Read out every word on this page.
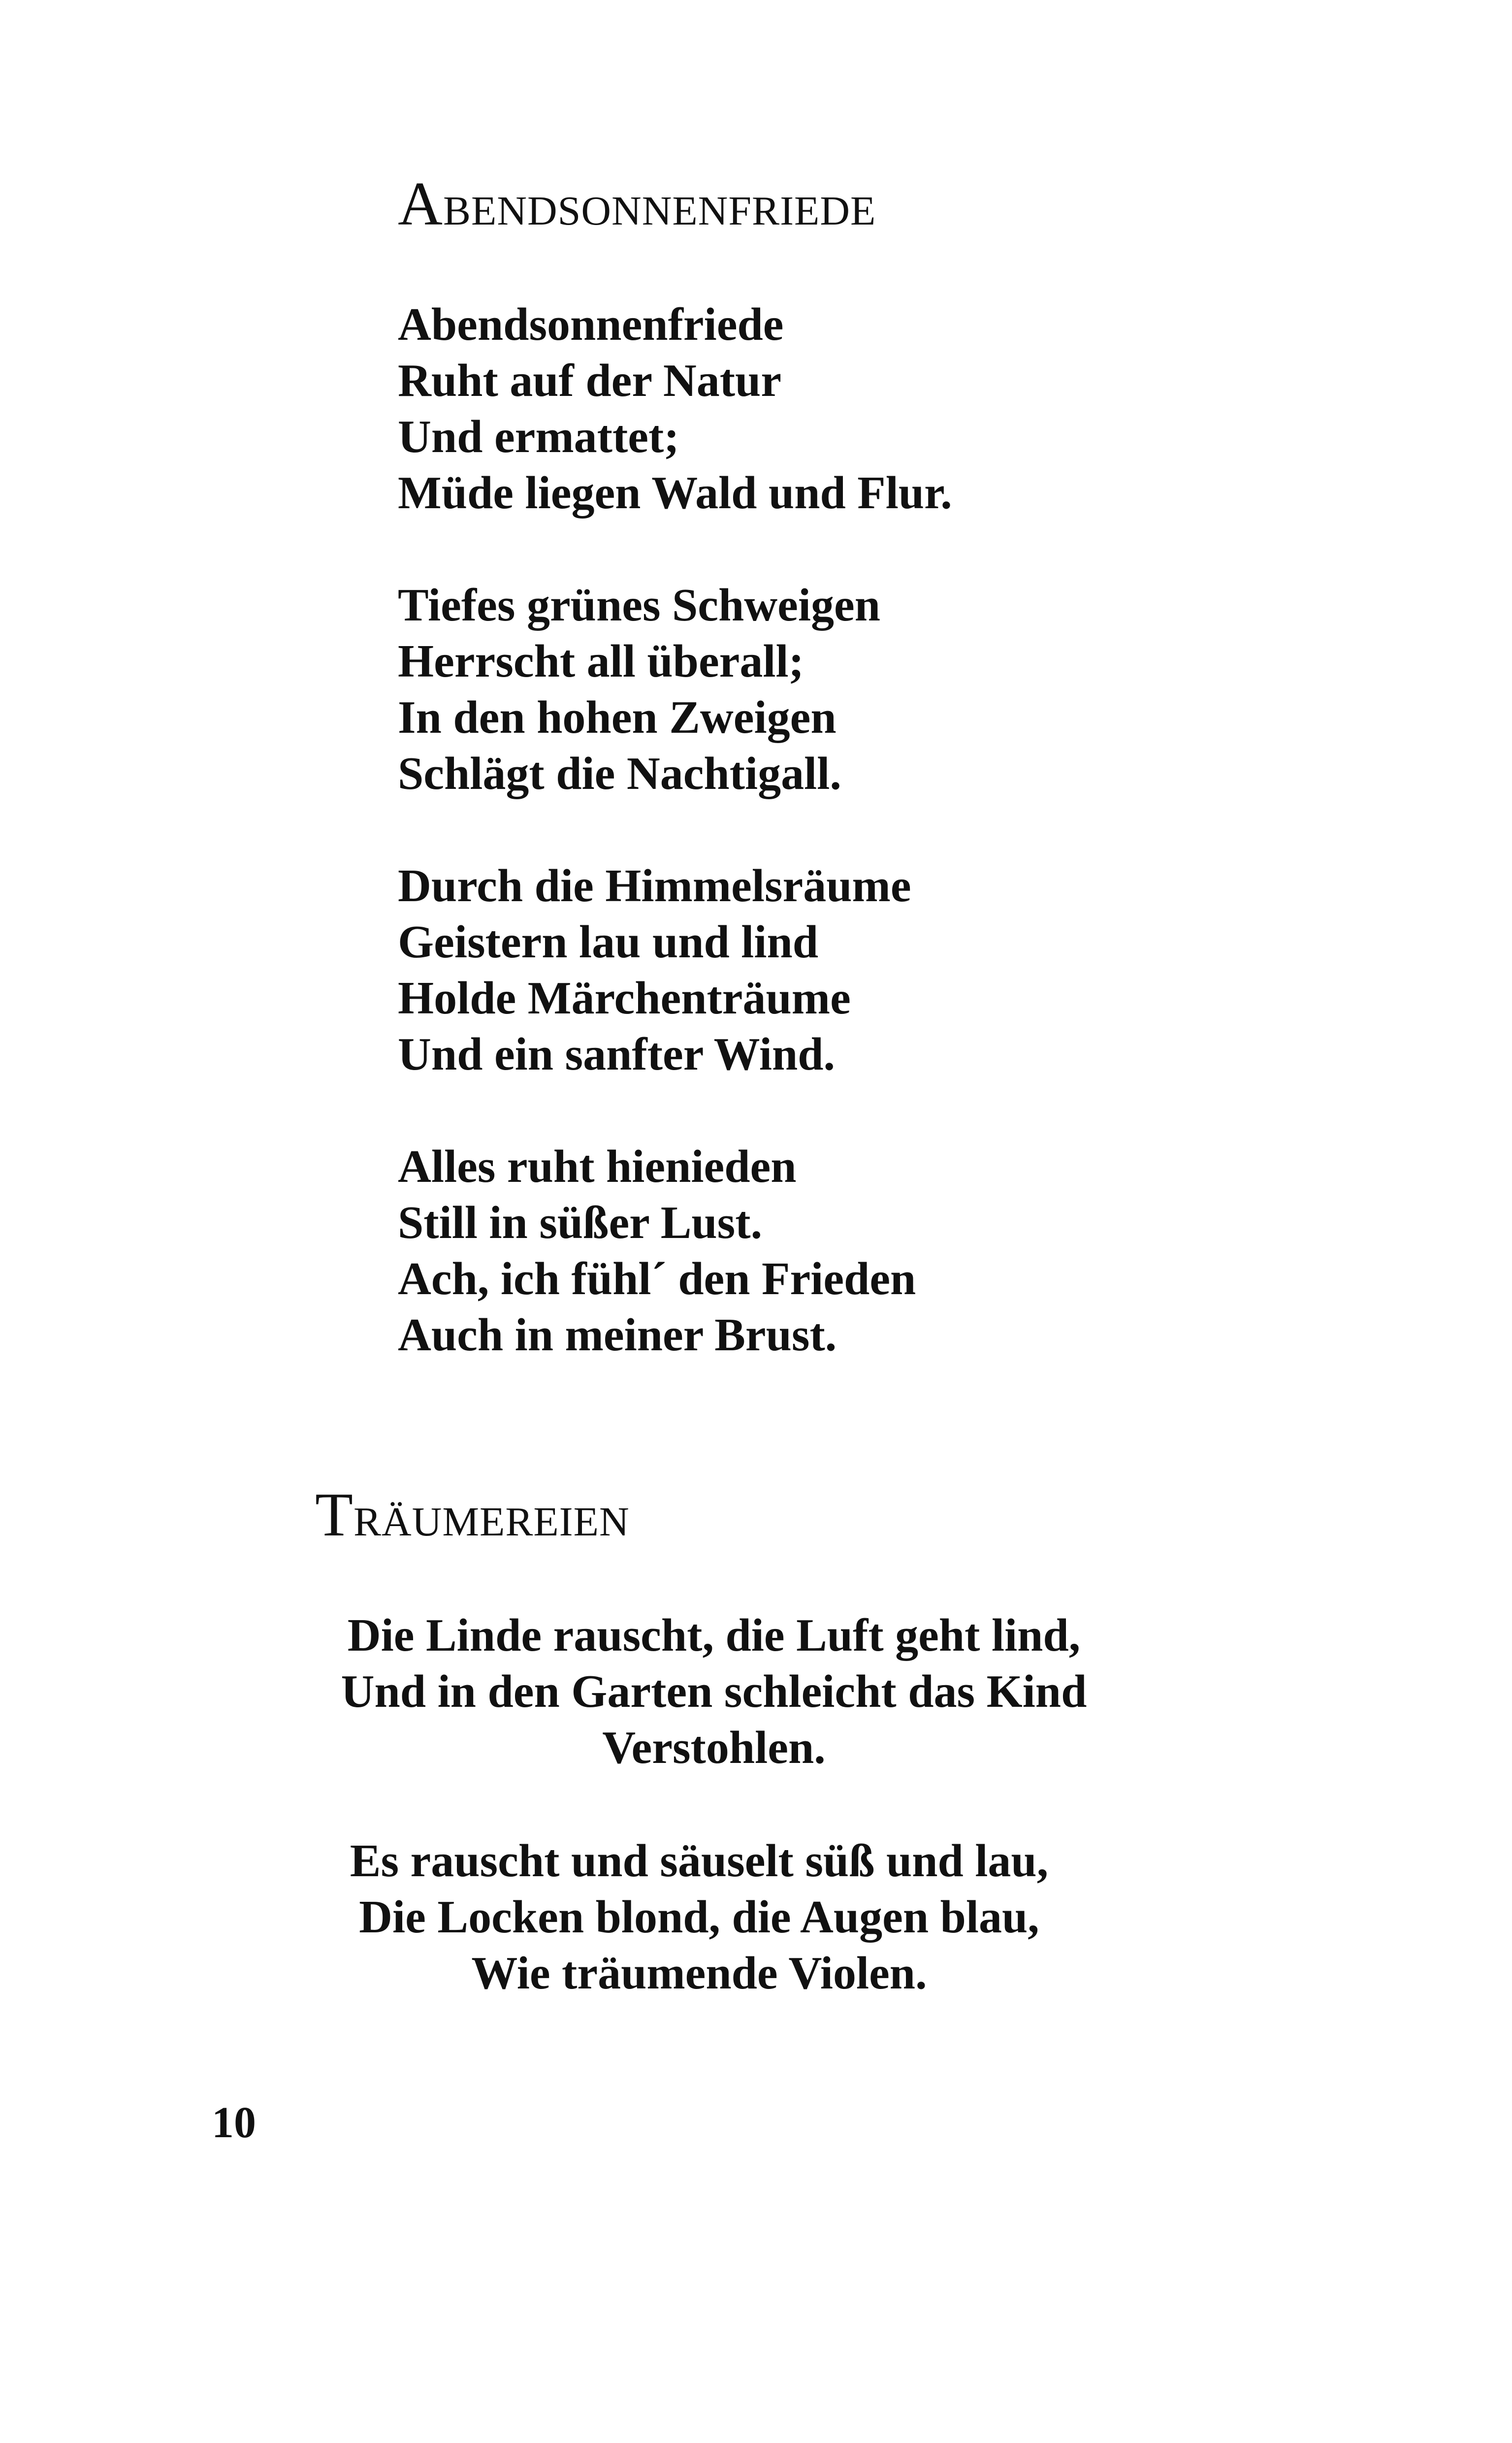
ABENDSONNENFRIEDE
Abendsonnenfriede
Ruht auf der Natur
Und ermattet;
Müde liegen Wald und Flur.
Tiefes grünes Schweigen
Herrscht all überall;
In den hohen Zweigen
Schlägt die Nachtigall.
Durch die Himmelsräume
Geistern lau und lind
Holde Märchenträume
Und ein sanfter Wind.
Alles ruht hienieden
Still in süßer Lust.
Ach, ich fühl´ den Frieden
Auch in meiner Brust.
TRÄUMEREIEN
Die Linde rauscht, die Luft geht lind,
Und in den Garten schleicht das Kind
Verstohlen.
Es rauscht und säuselt süß und lau,
Die Locken blond, die Augen blau,
Wie träumende Violen.
10
